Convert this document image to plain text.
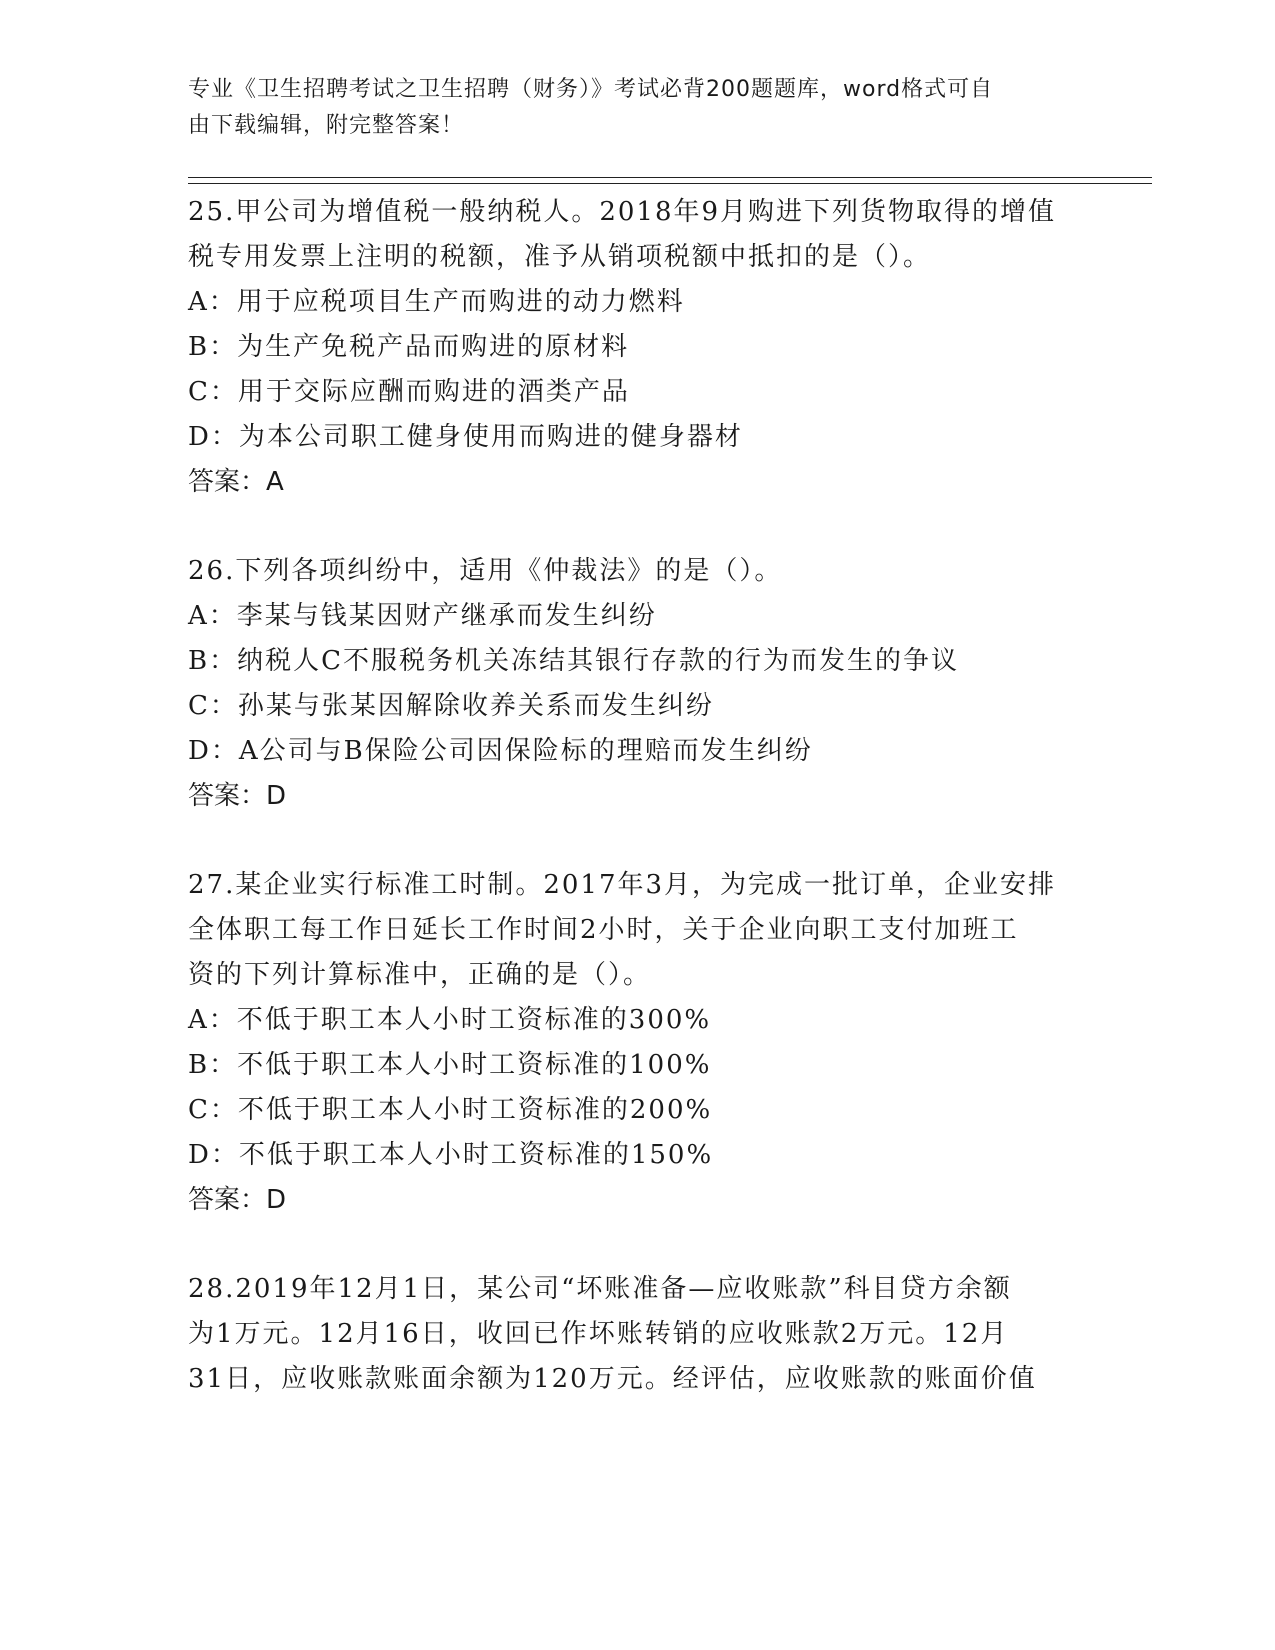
专业《卫生招聘考试之卫生招聘（财务）》考试必背200题题库，word格式可自
由下载编辑，附完整答案！
25.甲公司为增值税一般纳税人。2018年9月购进下列货物取得的增值
税专用发票上注明的税额，准予从销项税额中抵扣的是（）。
A：用于应税项目生产而购进的动力燃料
B：为生产免税产品而购进的原材料
C：用于交际应酬而购进的酒类产品
D：为本公司职工健身使用而购进的健身器材
答案：A
26.下列各项纠纷中，适用《仲裁法》的是（）。
A：李某与钱某因财产继承而发生纠纷
B：纳税人C不服税务机关冻结其银行存款的行为而发生的争议
C：孙某与张某因解除收养关系而发生纠纷
D：A公司与B保险公司因保险标的理赔而发生纠纷
答案：D
27.某企业实行标准工时制。2017年3月，为完成一批订单，企业安排
全体职工每工作日延长工作时间2小时，关于企业向职工支付加班工
资的下列计算标准中，正确的是（）。
A：不低于职工本人小时工资标准的300%
B：不低于职工本人小时工资标准的100%
C：不低于职工本人小时工资标准的200%
D：不低于职工本人小时工资标准的150%
答案：D
28.2019年12月1日，某公司“坏账准备—应收账款”科目贷方余额
为1万元。12月16日，收回已作坏账转销的应收账款2万元。12月
31日，应收账款账面余额为120万元。经评估，应收账款的账面价值
